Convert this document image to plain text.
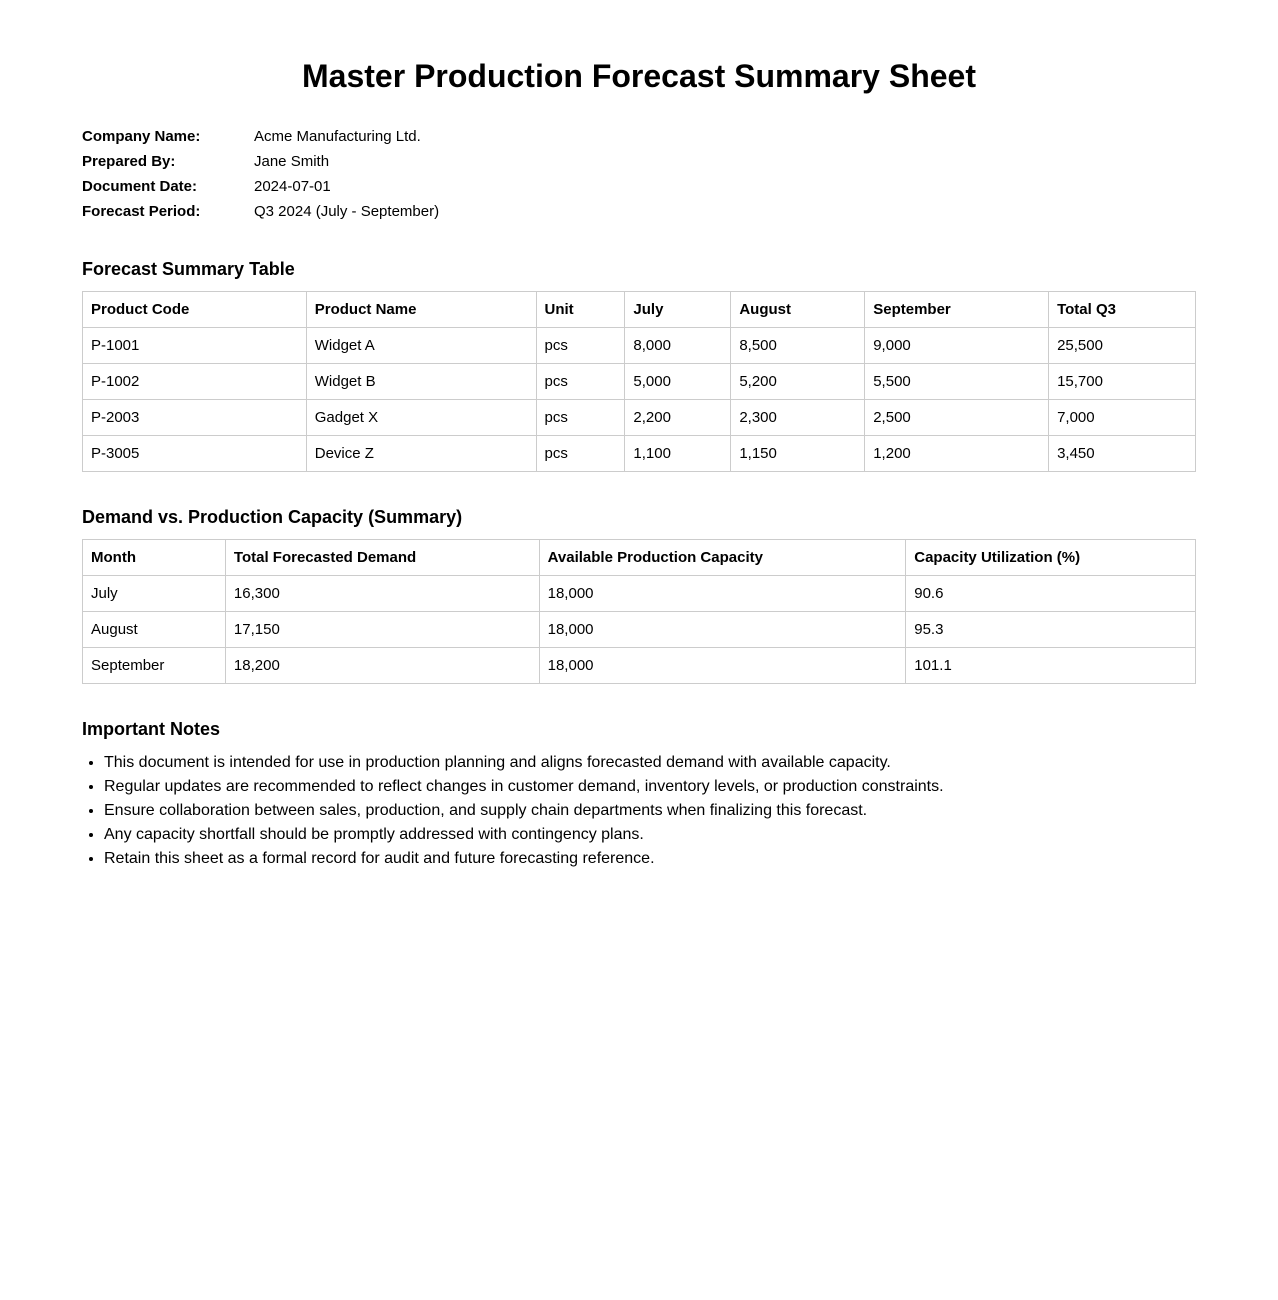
Master Production Forecast Summary Sheet
Company Name:	Acme Manufacturing Ltd.
Prepared By:	Jane Smith
Document Date:	2024-07-01
Forecast Period:	Q3 2024 (July - September)
Forecast Summary Table
Product Code	Product Name	Unit	July	August	September	Total Q3
P-1001	Widget A	pcs	8,000	8,500	9,000	25,500
P-1002	Widget B	pcs	5,000	5,200	5,500	15,700
P-2003	Gadget X	pcs	2,200	2,300	2,500	7,000
P-3005	Device Z	pcs	1,100	1,150	1,200	3,450
Demand vs. Production Capacity (Summary)
Month	Total Forecasted Demand	Available Production Capacity	Capacity Utilization (%)
July	16,300	18,000	90.6
August	17,150	18,000	95.3
September	18,200	18,000	101.1
Important Notes
• This document is intended for use in production planning and aligns forecasted demand with available capacity.
• Regular updates are recommended to reflect changes in customer demand, inventory levels, or production constraints.
• Ensure collaboration between sales, production, and supply chain departments when finalizing this forecast.
• Any capacity shortfall should be promptly addressed with contingency plans.
• Retain this sheet as a formal record for audit and future forecasting reference.
